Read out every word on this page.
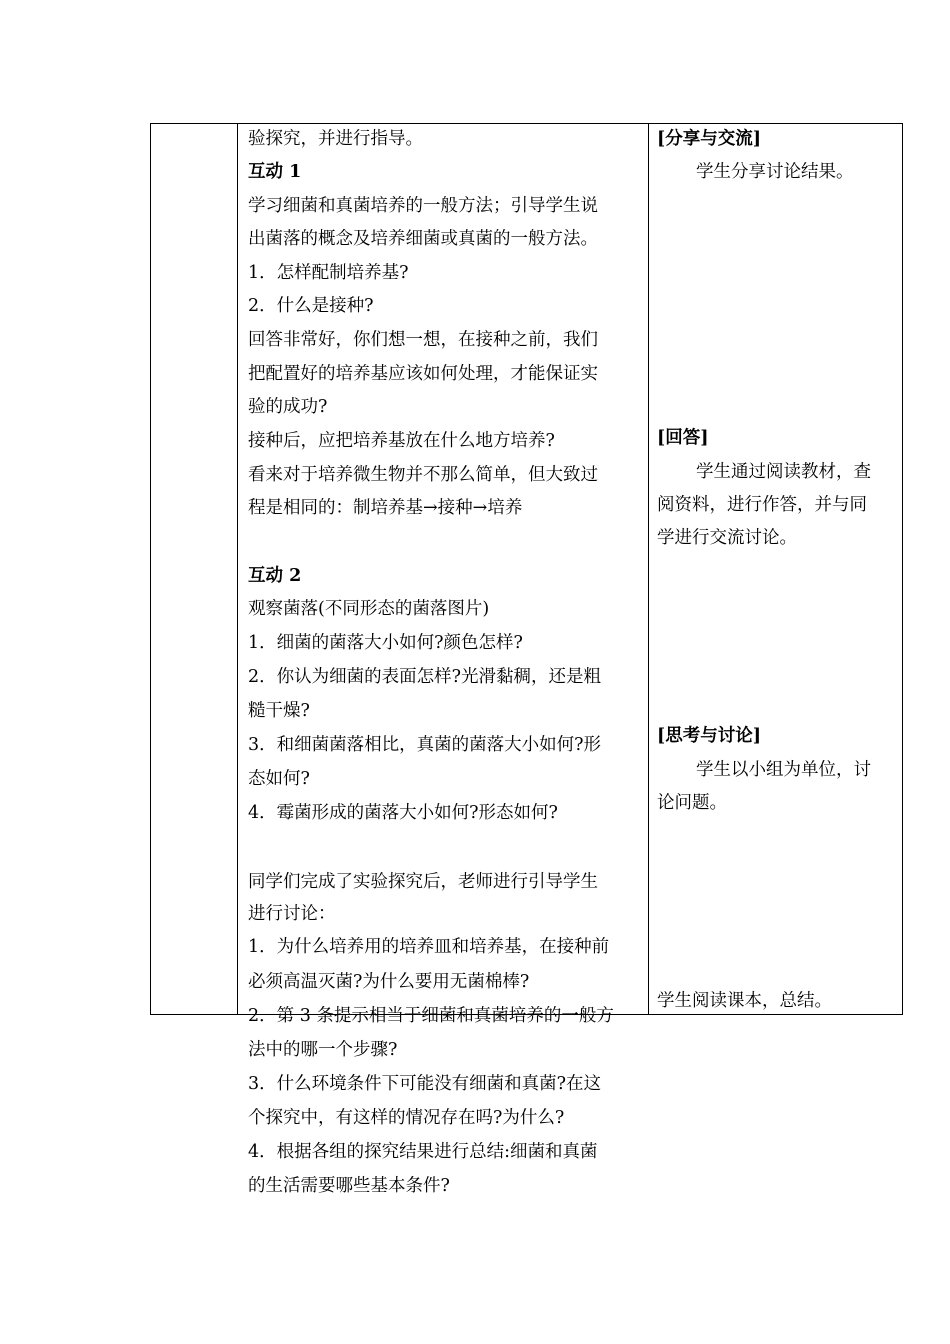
验探究，并进行指导。
互动 1
学习细菌和真菌培养的一般方法；引导学生说
出菌落的概念及培养细菌或真菌的一般方法。
1．怎样配制培养基?
2．什么是接种?
回答非常好，你们想一想，在接种之前，我们
把配置好的培养基应该如何处理，才能保证实
验的成功?
接种后，应把培养基放在什么地方培养?
看来对于培养微生物并不那么简单，但大致过
程是相同的：制培养基→接种→培养
互动 2
观察菌落(不同形态的菌落图片)
1．细菌的菌落大小如何?颜色怎样?
2．你认为细菌的表面怎样?光滑黏稠，还是粗
糙干燥?
3．和细菌菌落相比，真菌的菌落大小如何?形
态如何?
4．霉菌形成的菌落大小如何?形态如何?
同学们完成了实验探究后，老师进行引导学生
进行讨论：
1．为什么培养用的培养皿和培养基，在接种前
必须高温灭菌?为什么要用无菌棉棒?
2．第 3 条提示相当于细菌和真菌培养的一般方
法中的哪一个步骤?
3．什么环境条件下可能没有细菌和真菌?在这
个探究中，有这样的情况存在吗?为什么?
4．根据各组的探究结果进行总结:细菌和真菌
的生活需要哪些基本条件?
[分享与交流]
学生分享讨论结果。
[回答]
学生通过阅读教材，查
阅资料，进行作答，并与同
学进行交流讨论。
[思考与讨论]
学生以小组为单位，讨
论问题。
学生阅读课本，总结。
